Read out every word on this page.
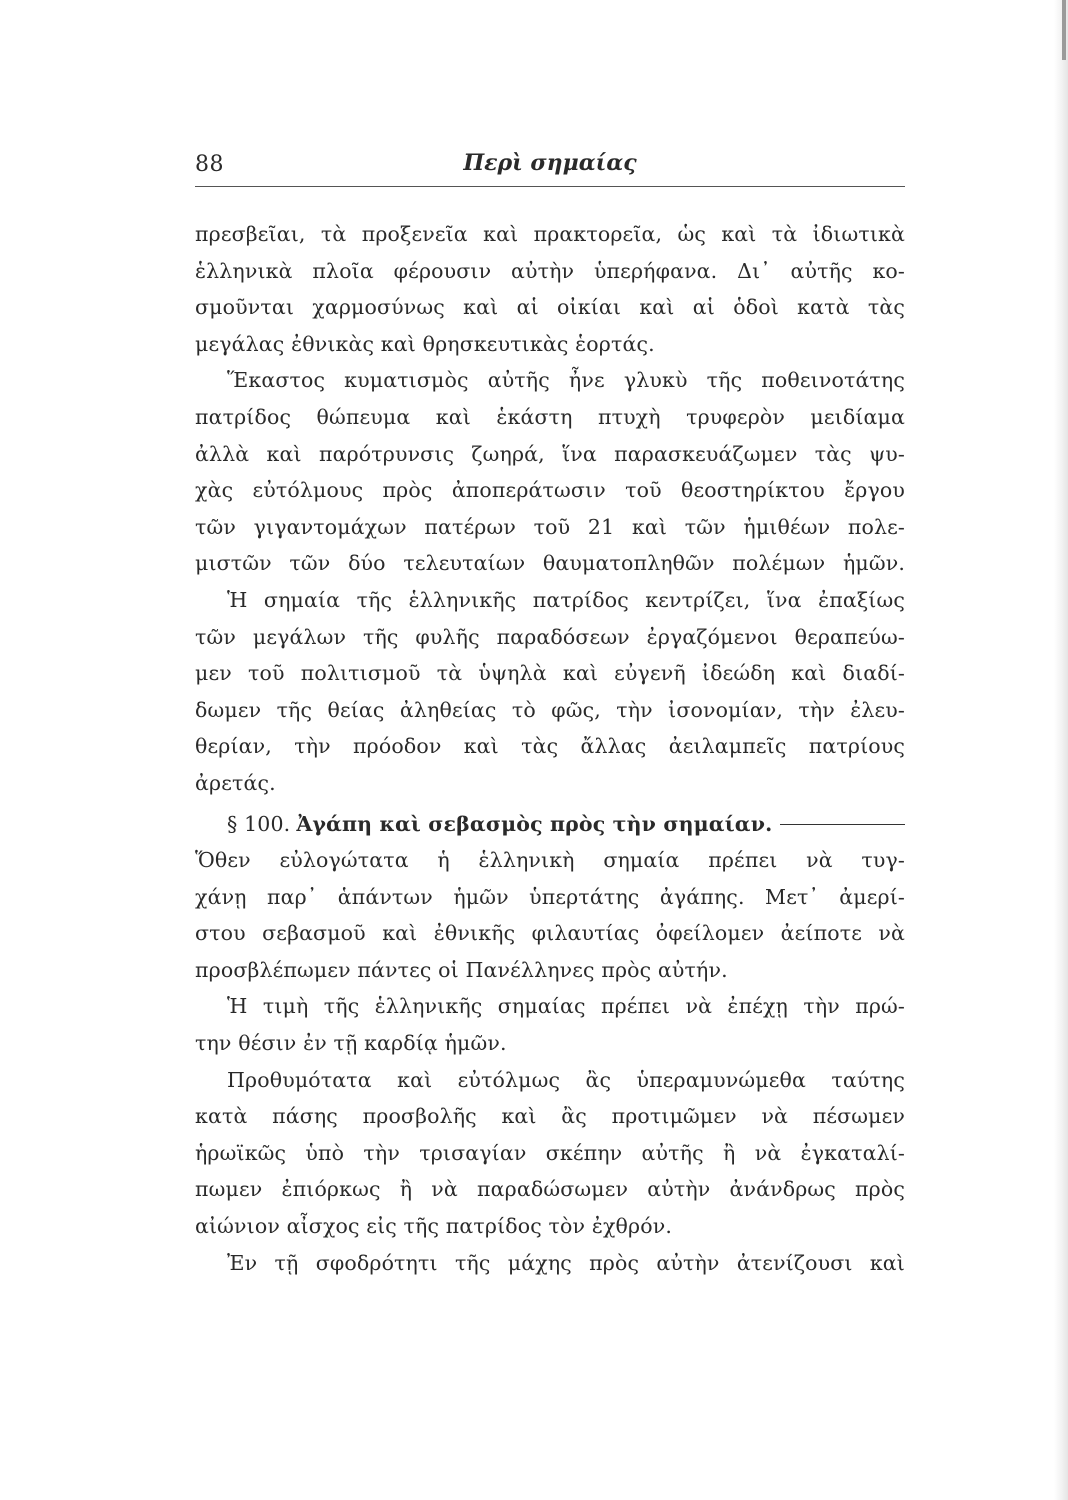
88	Περὶ σημαίας
πρεσβεῖαι, τὰ προξενεῖα καὶ πρακτορεῖα, ὡς καὶ τὰ ἰδιωτικὰ
ἑλληνικὰ πλοῖα φέρουσιν αὐτὴν ὑπερήφανα. Δι᾿ αὐτῆς κο-
σμοῦνται χαρμοσύνως καὶ αἱ οἰκίαι καὶ αἱ ὁδοὶ κατὰ τὰς
μεγάλας ἐθνικὰς καὶ θρησκευτικὰς ἑορτάς.
Ἕκαστος κυματισμὸς αὐτῆς ἦνε γλυκὺ τῆς ποθεινοτάτης
πατρίδος θώπευμα καὶ ἑκάστη πτυχὴ τρυφερὸν μειδίαμα
ἀλλὰ καὶ παρότρυνσις ζωηρά, ἵνα παρασκευάζωμεν τὰς ψυ-
χὰς εὐτόλμους πρὸς ἀποπεράτωσιν τοῦ θεοστηρίκτου ἔργου
τῶν γιγαντομάχων πατέρων τοῦ 21 καὶ τῶν ἡμιθέων πολε-
μιστῶν τῶν δύο τελευταίων θαυματοπληθῶν πολέμων ἡμῶν.
Ἡ σημαία τῆς ἑλληνικῆς πατρίδος κεντρίζει, ἵνα ἐπαξίως
τῶν μεγάλων τῆς φυλῆς παραδόσεων ἐργαζόμενοι θεραπεύω-
μεν τοῦ πολιτισμοῦ τὰ ὑψηλὰ καὶ εὐγενῆ ἰδεώδη καὶ διαδί-
δωμεν τῆς θείας ἀληθείας τὸ φῶς, τὴν ἰσονομίαν, τὴν ἐλευ-
θερίαν, τὴν πρόοδον καὶ τὰς ἄλλας ἀειλαμπεῖς πατρίους
ἀρετάς.
§ 100. Ἀγάπη καὶ σεβασμὸς πρὸς τὴν σημαίαν.
Ὅθεν εὐλογώτατα ἡ ἑλληνικὴ σημαία πρέπει νὰ τυγ-
χάνῃ παρ᾿ ἁπάντων ἡμῶν ὑπερτάτης ἀγάπης. Μετ᾿ ἀμερί-
στου σεβασμοῦ καὶ ἐθνικῆς φιλαυτίας ὀφείλομεν ἀείποτε νὰ
προσβλέπωμεν πάντες οἱ Πανέλληνες πρὸς αὐτήν.
Ἡ τιμὴ τῆς ἑλληνικῆς σημαίας πρέπει νὰ ἐπέχῃ τὴν πρώ-
την θέσιν ἐν τῇ καρδίᾳ ἡμῶν.
Προθυμότατα καὶ εὐτόλμως ἂς ὑπεραμυνώμεθα ταύτης
κατὰ πάσης προσβολῆς καὶ ἂς προτιμῶμεν νὰ πέσωμεν
ἡρωϊκῶς ὑπὸ τὴν τρισαγίαν σκέπην αὐτῆς ἢ νὰ ἐγκαταλί-
πωμεν ἐπιόρκως ἢ νὰ παραδώσωμεν αὐτὴν ἀνάνδρως πρὸς
αἰώνιον αἶσχος εἰς τῆς πατρίδος τὸν ἐχθρόν.
Ἐν τῇ σφοδρότητι τῆς μάχης πρὸς αὐτὴν ἀτενίζουσι καὶ
